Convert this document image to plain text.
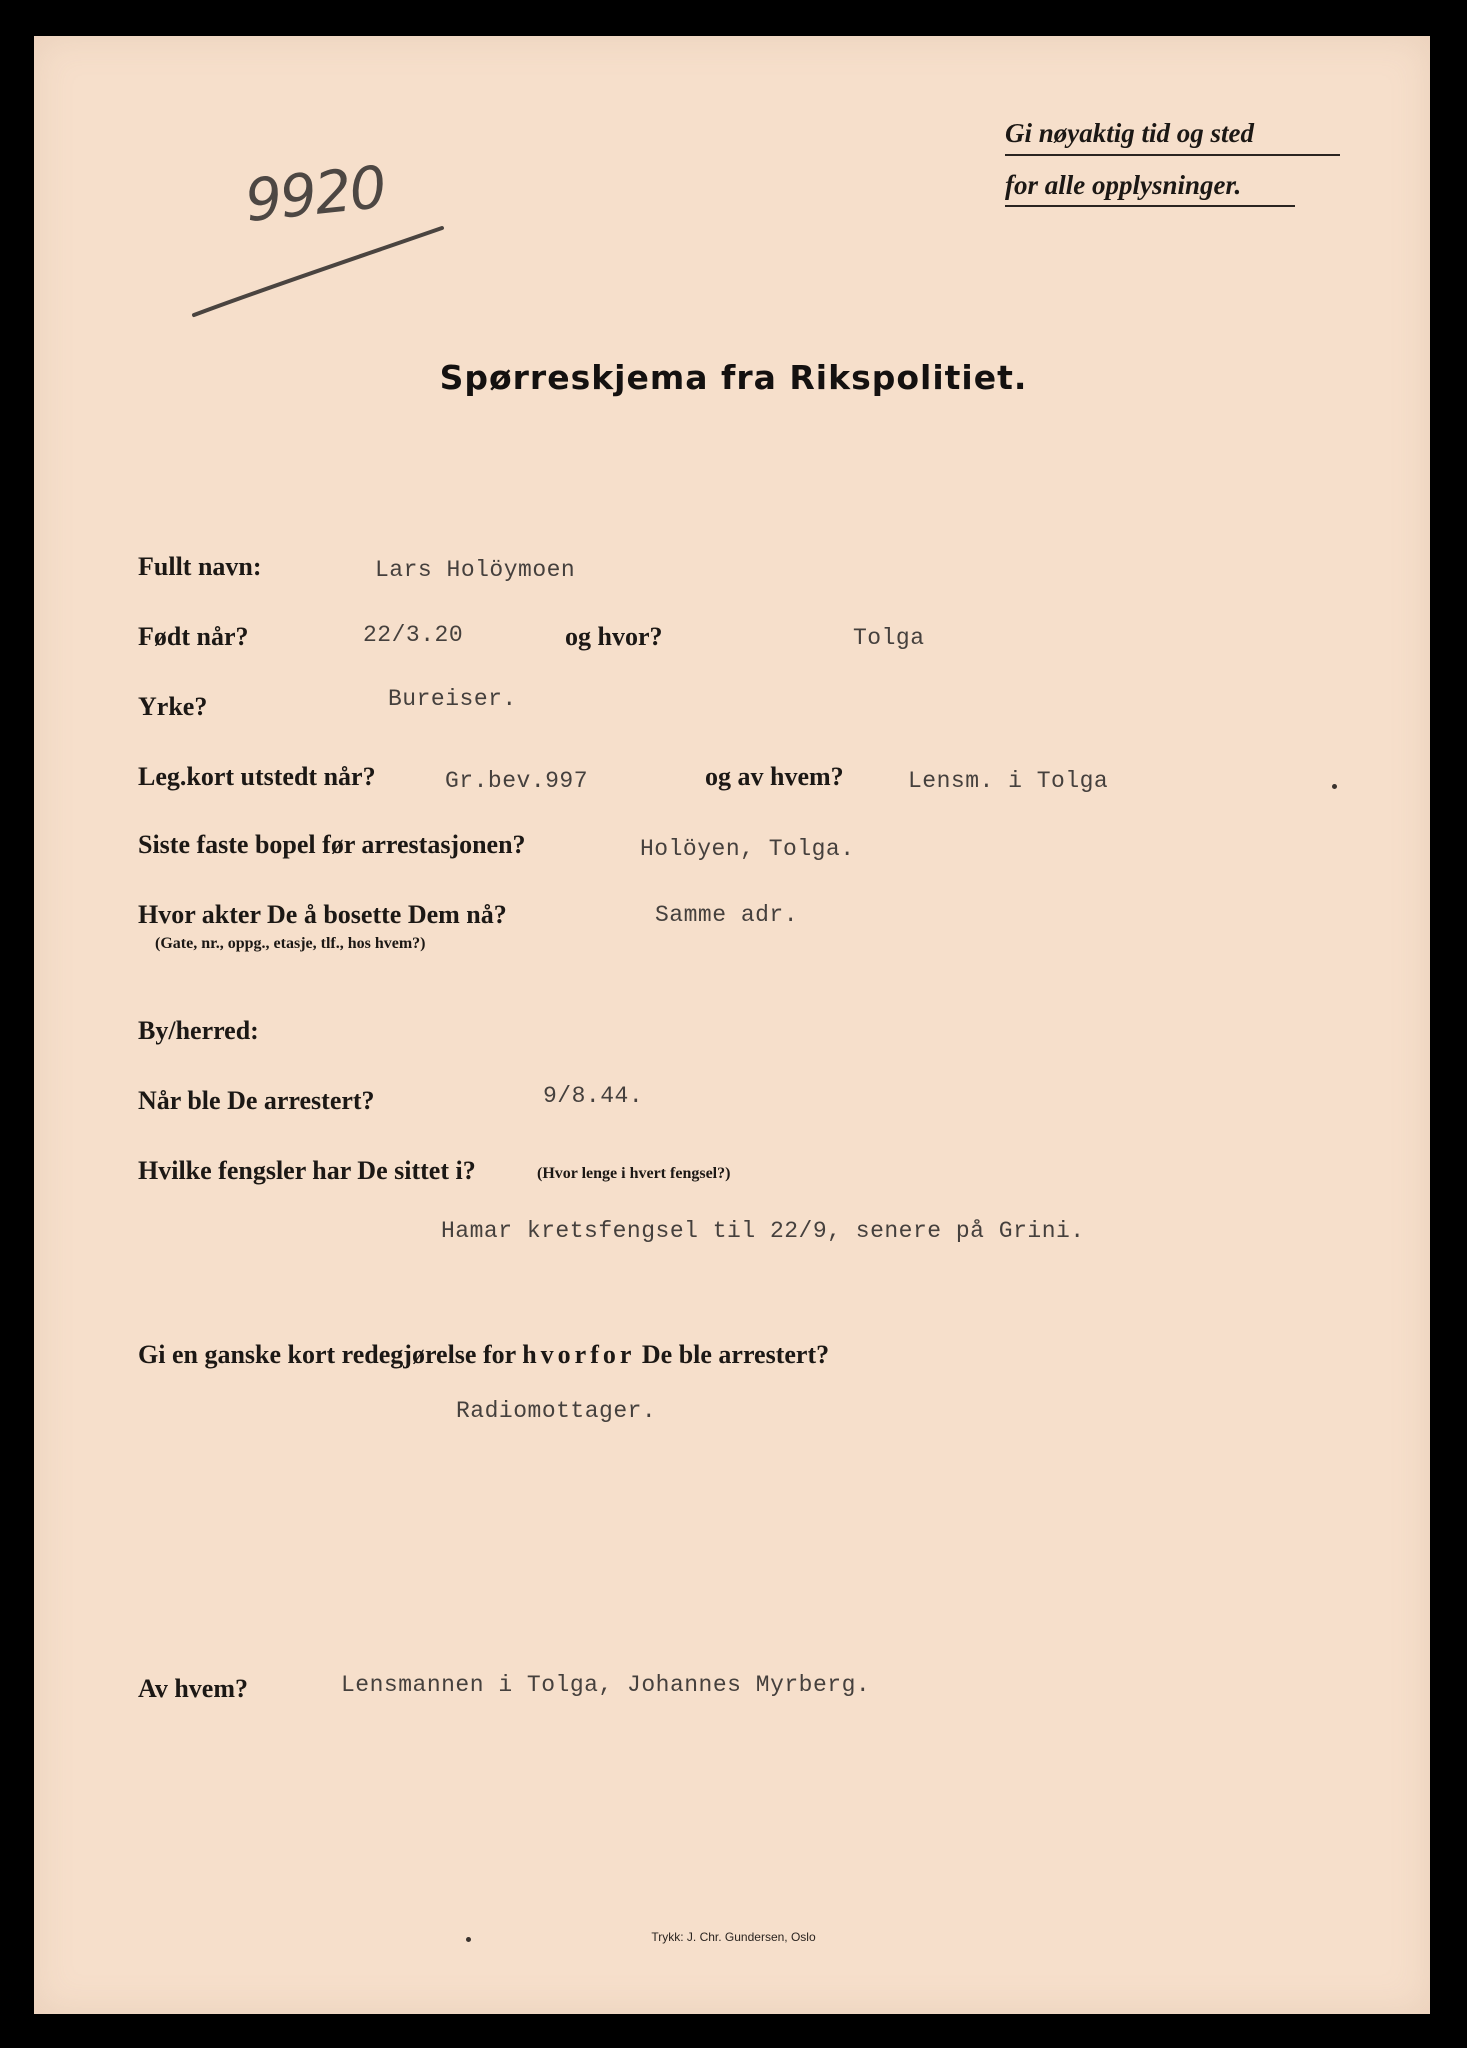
9920
Gi nøyaktig tid og sted
for alle opplysninger.
Spørreskjema fra Rikspolitiet.
Fullt navn:	Lars Holöymoen
Født når?	22/3.20	og hvor?	Tolga
Yrke?	Bureiser.
Leg.kort utstedt når?	Gr.bev.997	og av hvem?	Lensm. i Tolga
Siste faste bopel før arrestasjonen?	Holöyen, Tolga.
Hvor akter De å bosette Dem nå?
(Gate, nr., oppg., etasje, tlf., hos hvem?)
Samme adr.
By/herred:
Når ble De arrestert?	9/8.44.
Hvilke fengsler har De sittet i?	(Hvor lenge i hvert fengsel?)
Hamar kretsfengsel til 22/9, senere på Grini.
Gi en ganske kort redegjørelse for hvorfor De ble arrestert?
Radiomottager.
Av hvem?	Lensmannen i Tolga, Johannes Myrberg.
Trykk: J. Chr. Gundersen, Oslo
